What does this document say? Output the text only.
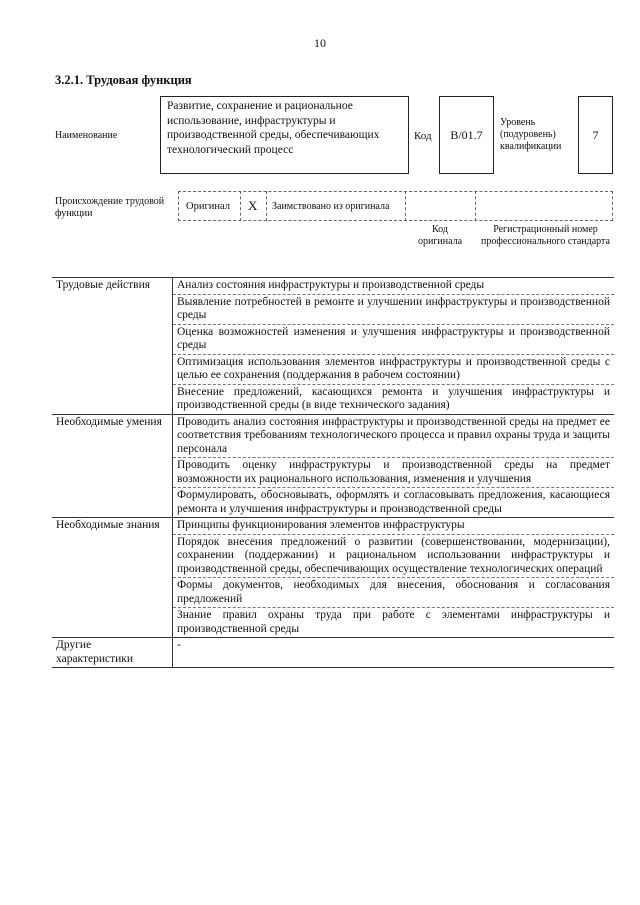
10
3.2.1. Трудовая функция
Наименование
Развитие, сохранение и рациональное использование, инфраструктуры и производственной среды, обеспечивающих технологический процесс
Код B/01.7
Уровень (подуровень) квалификации
7
Происхождение трудовой функции
Оригинал X Заимствовано из оригинала
Код оригинала
Регистрационный номер профессионального стандарта
Трудовые действия	Анализ состояния инфраструктуры и производственной среды
	Выявление потребностей в ремонте и улучшении инфраструктуры и производственной среды
	Оценка возможностей изменения и улучшения инфраструктуры и производственной среды
	Оптимизация использования элементов инфраструктуры и производственной среды с целью ее сохранения (поддержания в рабочем состоянии)
	Внесение предложений, касающихся ремонта и улучшения инфраструктуры и производственной среды (в виде технического задания)
Необходимые умения	Проводить анализ состояния инфраструктуры и производственной среды на предмет ее соответствия требованиям технологического процесса и правил охраны труда и защиты персонала
	Проводить оценку инфраструктуры и производственной среды на предмет возможности их рационального использования, изменения и улучшения
	Формулировать, обосновывать, оформлять и согласовывать предложения, касающиеся ремонта и улучшения инфраструктуры и производственной среды
Необходимые знания	Принципы функционирования элементов инфраструктуры
	Порядок внесения предложений о развитии (совершенствовании, модернизации), сохранении (поддержании) и рациональном использовании инфраструктуры и производственной среды, обеспечивающих осуществление технологических операций
	Формы документов, необходимых для внесения, обоснования и согласования предложений
	Знание правил охраны труда при работе с элементами инфраструктуры и производственной среды
Другие характеристики	-
